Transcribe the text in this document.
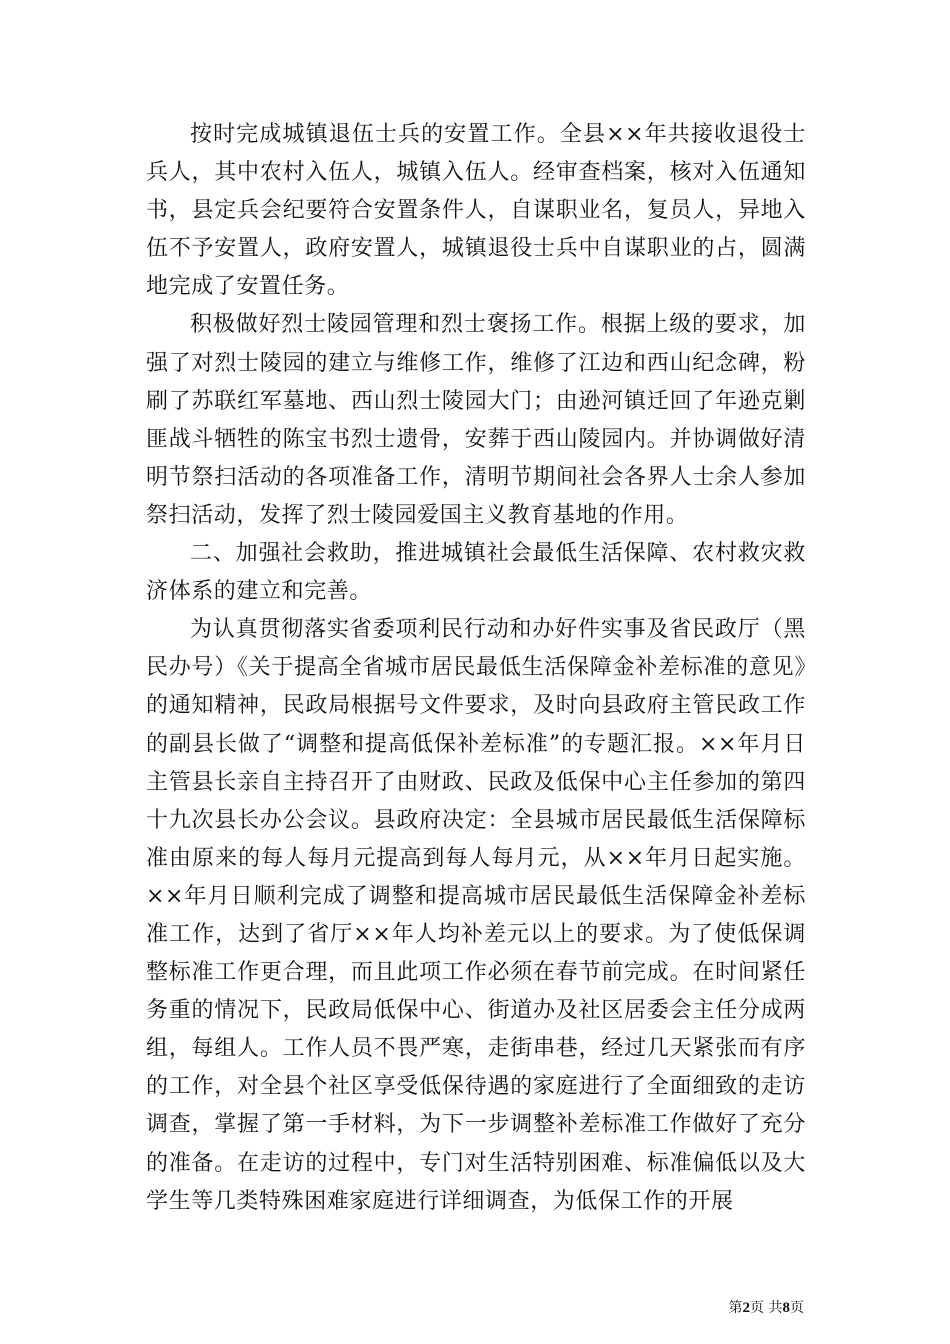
按时完成城镇退伍士兵的安置工作。全县××年共接收退役士兵人，其中农村入伍人，城镇入伍人。经审查档案，核对入伍通知书，县定兵会纪要符合安置条件人，自谋职业名，复员人，异地入伍不予安置人，政府安置人，城镇退役士兵中自谋职业的占，圆满地完成了安置任务。

积极做好烈士陵园管理和烈士褒扬工作。根据上级的要求，加强了对烈士陵园的建立与维修工作，维修了江边和西山纪念碑，粉刷了苏联红军墓地、西山烈士陵园大门；由逊河镇迁回了年逊克剿匪战斗牺牲的陈宝书烈士遗骨，安葬于西山陵园内。并协调做好清明节祭扫活动的各项准备工作，清明节期间社会各界人士余人参加祭扫活动，发挥了烈士陵园爱国主义教育基地的作用。

二、加强社会救助，推进城镇社会最低生活保障、农村救灾救济体系的建立和完善。

为认真贯彻落实省委项利民行动和办好件实事及省民政厅（黑民办号）《关于提高全省城市居民最低生活保障金补差标准的意见》的通知精神，民政局根据号文件要求，及时向县政府主管民政工作的副县长做了“调整和提高低保补差标准”的专题汇报。××年月日主管县长亲自主持召开了由财政、民政及低保中心主任参加的第四十九次县长办公会议。县政府决定：全县城市居民最低生活保障标准由原来的每人每月元提高到每人每月元，从××年月日起实施。××年月日顺利完成了调整和提高城市居民最低生活保障金补差标准工作，达到了省厅××年人均补差元以上的要求。为了使低保调整标准工作更合理，而且此项工作必须在春节前完成。在时间紧任务重的情况下，民政局低保中心、街道办及社区居委会主任分成两组，每组人。工作人员不畏严寒，走街串巷，经过几天紧张而有序的工作，对全县个社区享受低保待遇的家庭进行了全面细致的走访调查，掌握了第一手材料，为下一步调整补差标准工作做好了充分的准备。在走访的过程中，专门对生活特别困难、标准偏低以及大学生等几类特殊困难家庭进行详细调查，为低保工作的开展

第2页 共8页
